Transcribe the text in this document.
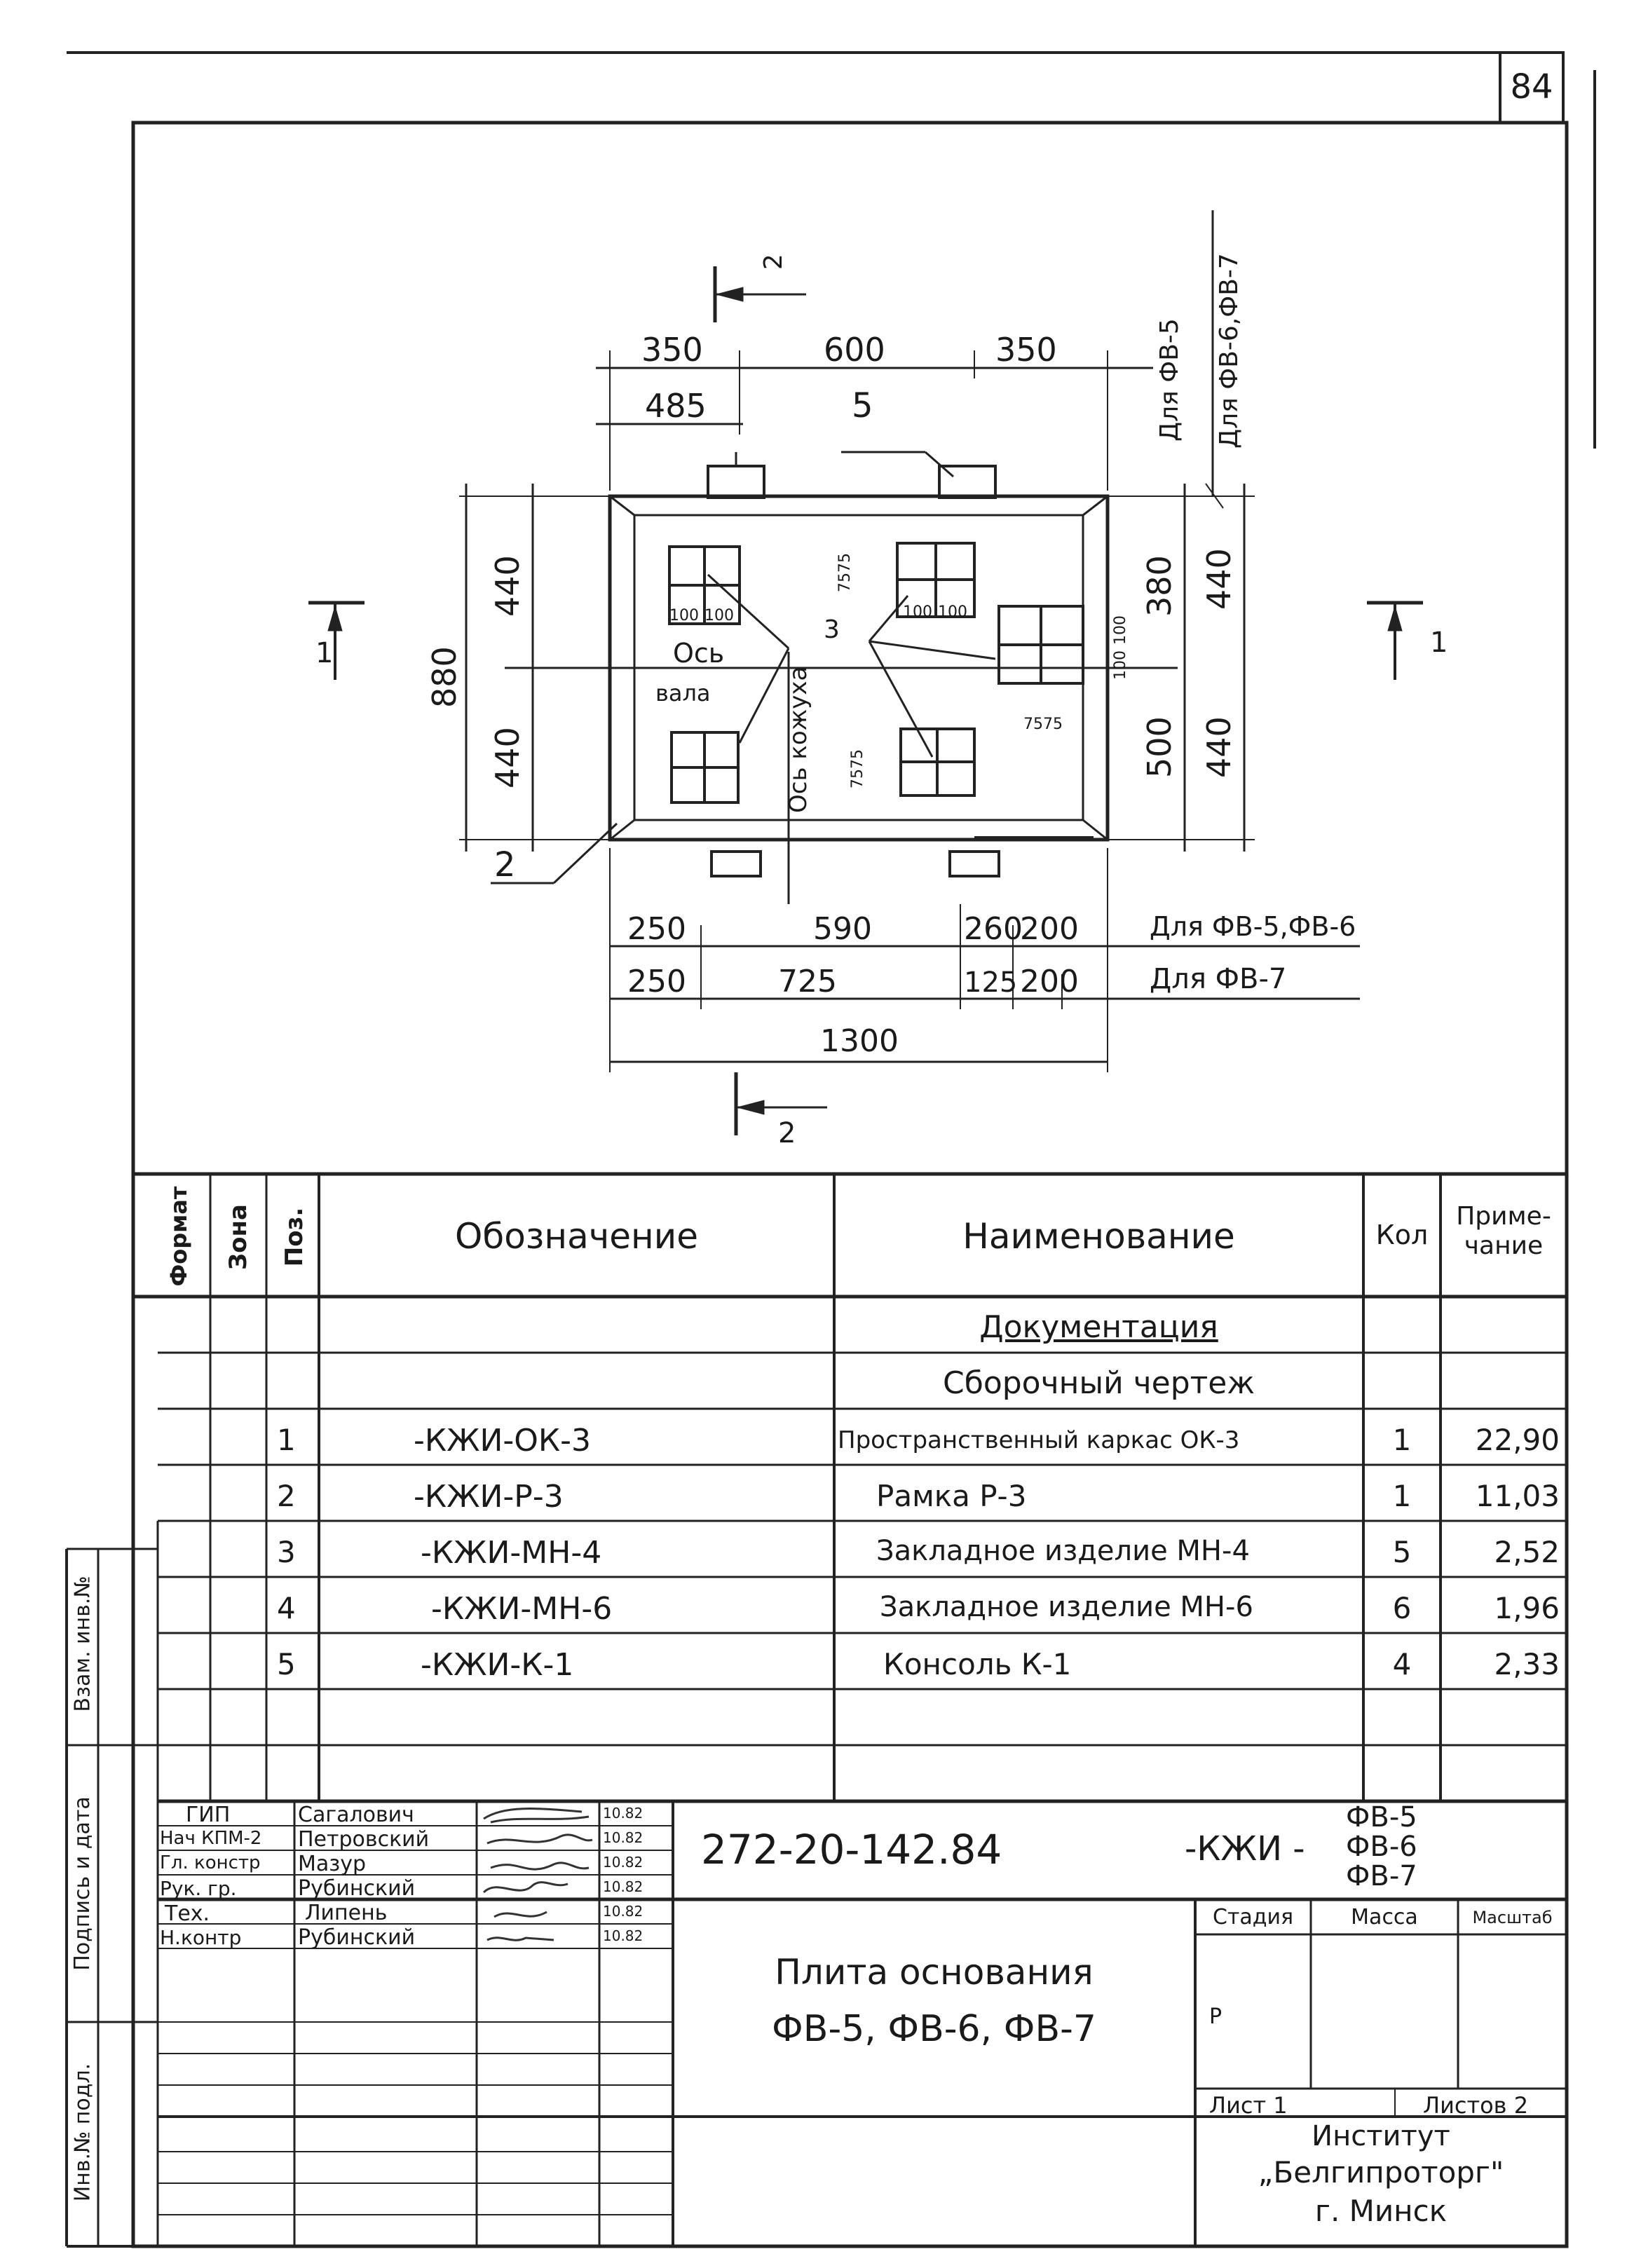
84
2
1	1
2
350	600	350
485	5
2
3
Для ФВ-5 Для ФВ-6,ФВ-7
880
440
440
380
500
440
440
Ось
вала	Ось кожуха
100 100	100 100
100
100
7575
7575
7575
250	590	260
200	Для ФВ-5,ФВ-6
250	725	125 200	Для ФВ-7
1300
Формат Зона Поз.	Обозначение	Наименование	Кол
Приме-
чание
Документация
Сборочный чертеж
1	-КЖИ-ОК-3	Пространственный каркас ОК-3	1	22,90
2	-КЖИ-Р-3	Рамка Р-3	1	11,03
3	-КЖИ-МН-4	Закладное изделие МН-4	5	2,52
4	-КЖИ-МН-6	Закладное изделие МН-6	6	1,96
5	-КЖИ-К-1	Консоль К-1	4	2,33
Взам. инв.№
Подпись и дата
Инв.№ подл.
ГИП	Сагалович	10.82
Нач КПМ-2 Петровский	10.82
Гл. констр Мазур	10.82
Рук. гр.	Рубинский	10.82
Тех.	Липень	10.82
Н.контр	Рубинский	10.82
272-20-142.84	-КЖИ -
ФВ-5
ФВ-6
ФВ-7
Плита основания
ФВ-5, ФВ-6, ФВ-7
Стадия	Масса	Масштаб
Р
Лист 1	Листов 2
Институт
„Белгипроторг"
г. Минск
